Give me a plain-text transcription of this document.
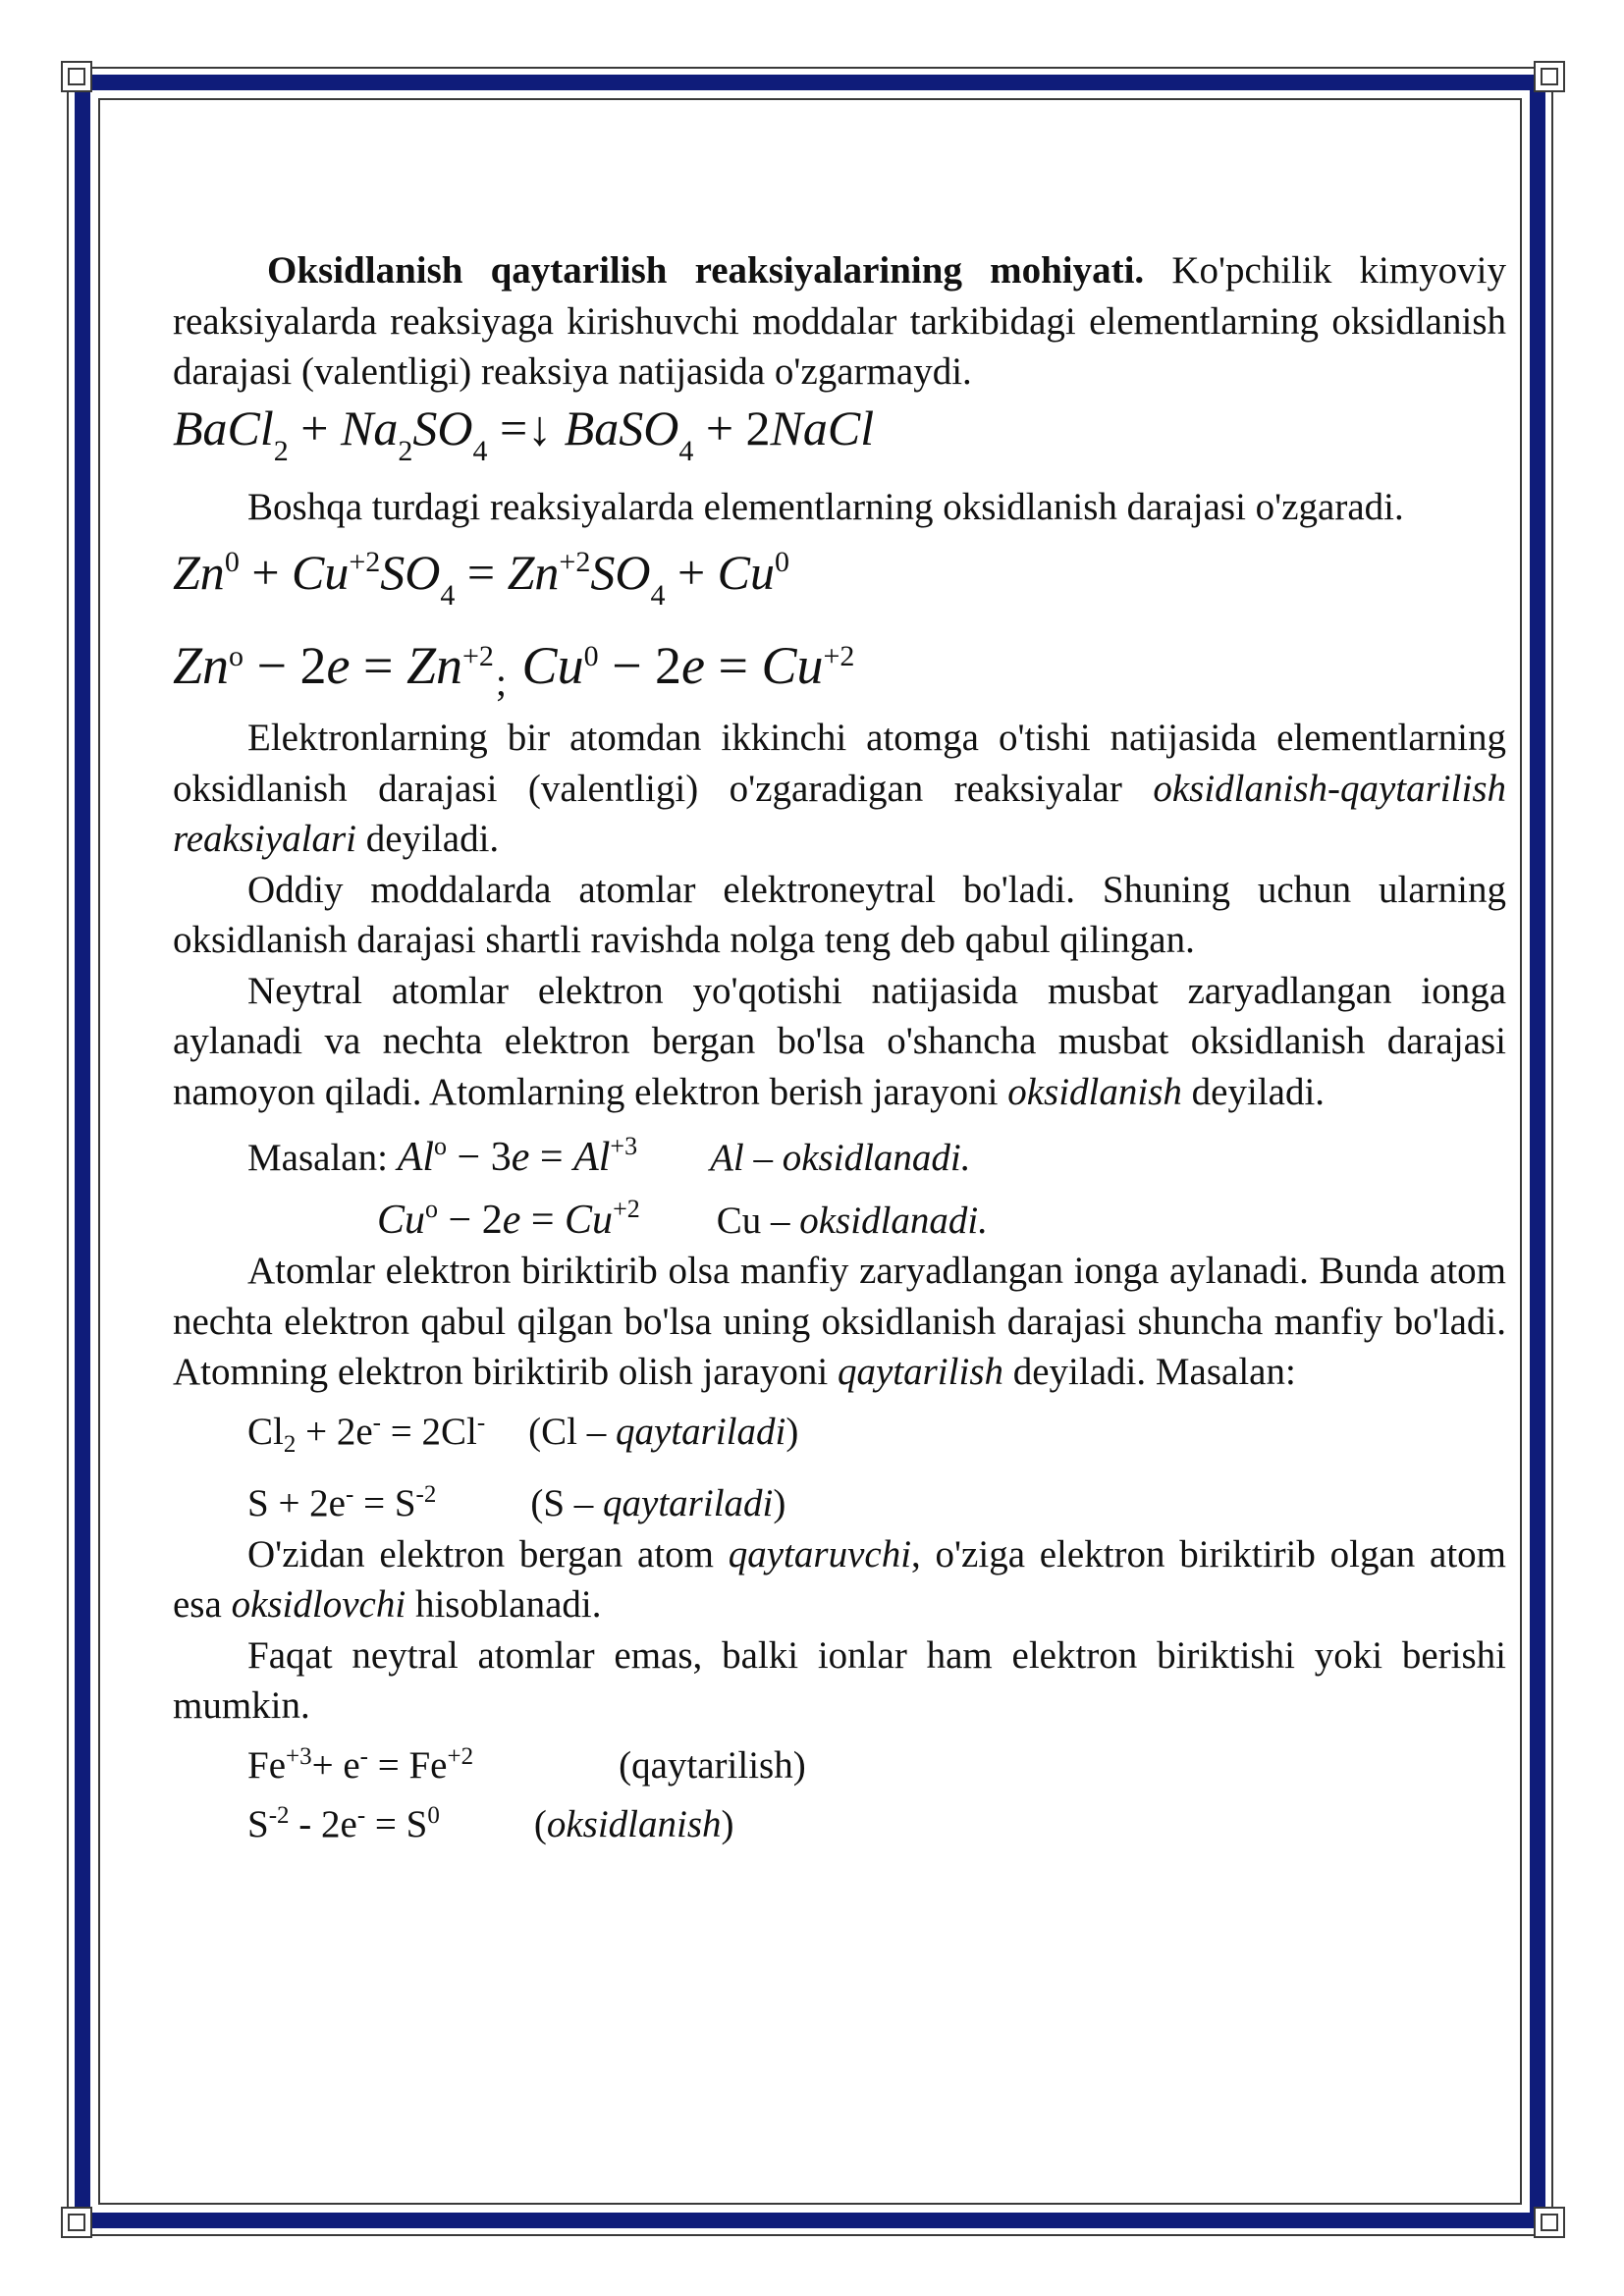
Oksidlanish qaytarilish reaksiyalarining mohiyati. Ko'pchilik kimyoviy reaksiyalarda reaksiyaga kirishuvchi moddalar tarkibidagi elementlarning oksidlanish darajasi (valentligi) reaksiya natijasida o'zgarmaydi.

BaCl$_2$ + $Na_2SO_4$ =↓ BaSO$_4$ + 2NaCl

Boshqa turdagi reaksiyalarda elementlarning oksidlanish darajasi o'zgaradi.

$Zn^0 + Cu^{+2}SO_4 = Zn^{+2}SO_4 + Cu^0$

$Zn^o - 2e = Zn^{+2}_;$ $Cu^0 - 2e = Cu^{+2}$

Elektronlarning bir atomdan ikkinchi atomga o'tishi natijasida elementlarning oksidlanish darajasi (valentligi) o'zgaradigan reaksiyalar oksidlanish-qaytarilish reaksiyalari deyiladi.

Oddiy moddalarda atomlar elektroneytral bo'ladi. Shuning uchun ularning oksidlanish darajasi shartli ravishda nolga teng deb qabul qilingan.

Neytral atomlar elektron yo'qotishi natijasida musbat zaryadlangan ionga aylanadi va nechta elektron bergan bo'lsa o'shancha musbat oksidlanish darajasi namoyon qiladi. Atomlarning elektron berish jarayoni oksidlanish deyiladi.

Masalan: $Al^o - 3e = Al^{+3}$ Al – oksidlanadi.

$Cu^o - 2e = Cu^{+2}$ Cu – oksidlanadi.

Atomlar elektron biriktirib olsa manfiy zaryadlangan ionga aylanadi. Bunda atom nechta elektron qabul qilgan bo'lsa uning oksidlanish darajasi shuncha manfiy bo'ladi. Atomning elektron biriktirib olish jarayoni qaytarilish deyiladi. Masalan:

$Cl_2 + 2e^- = 2Cl^-$ (Cl – qaytariladi)

$S + 2e^- = S^{-2}$ (S – qaytariladi)

O'zidan elektron bergan atom qaytaruvchi, o'ziga elektron biriktirib olgan atom esa oksidlovchi hisoblanadi.

Faqat neytral atomlar emas, balki ionlar ham elektron biriktishi yoki berishi mumkin.

$Fe^{+3}+ e^- = Fe^{+2}$	(qaytarilish)

$S^{-2} - 2e^- = S^0$ (oksidlanish)
